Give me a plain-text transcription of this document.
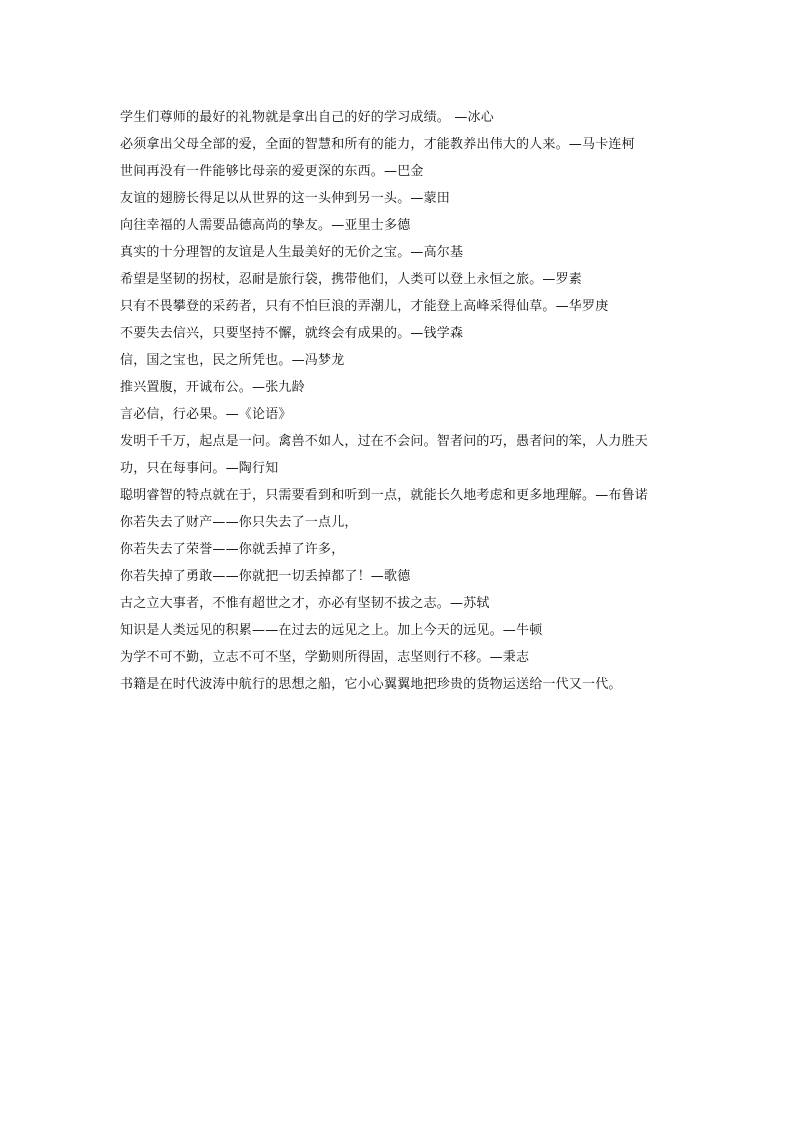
学生们尊师的最好的礼物就是拿出自己的好的学习成绩。 —冰心
必须拿出父母全部的爱，全面的智慧和所有的能力，才能教养出伟大的人来。—马卡连柯
世间再没有一件能够比母亲的爱更深的东西。—巴金
友谊的翅膀长得足以从世界的这一头伸到另一头。—蒙田
向往幸福的人需要品德高尚的挚友。—亚里士多德
真实的十分理智的友谊是人生最美好的无价之宝。—高尔基
希望是坚韧的拐杖，忍耐是旅行袋，携带他们，人类可以登上永恒之旅。—罗素
只有不畏攀登的采药者，只有不怕巨浪的弄潮儿，才能登上高峰采得仙草。—华罗庚
不要失去信兴，只要坚持不懈，就终会有成果的。—钱学森
信，国之宝也，民之所凭也。—冯梦龙
推兴置腹，开诚布公。—张九龄
言必信，行必果。—《论语》
发明千千万，起点是一问。禽兽不如人，过在不会问。智者问的巧，愚者问的笨，人力胜天
功，只在每事问。—陶行知
聪明睿智的特点就在于，只需要看到和听到一点，就能长久地考虑和更多地理解。—布鲁诺
你若失去了财产——你只失去了一点儿，
你若失去了荣誉——你就丢掉了许多，
你若失掉了勇敢——你就把一切丢掉都了！—歌德
古之立大事者，不惟有超世之才，亦必有坚韧不拔之志。—苏轼
知识是人类远见的积累——在过去的远见之上。加上今天的远见。—牛顿
为学不可不勤，立志不可不坚，学勤则所得固，志坚则行不移。—秉志
书籍是在时代波涛中航行的思想之船，它小心翼翼地把珍贵的货物运送给一代又一代。
